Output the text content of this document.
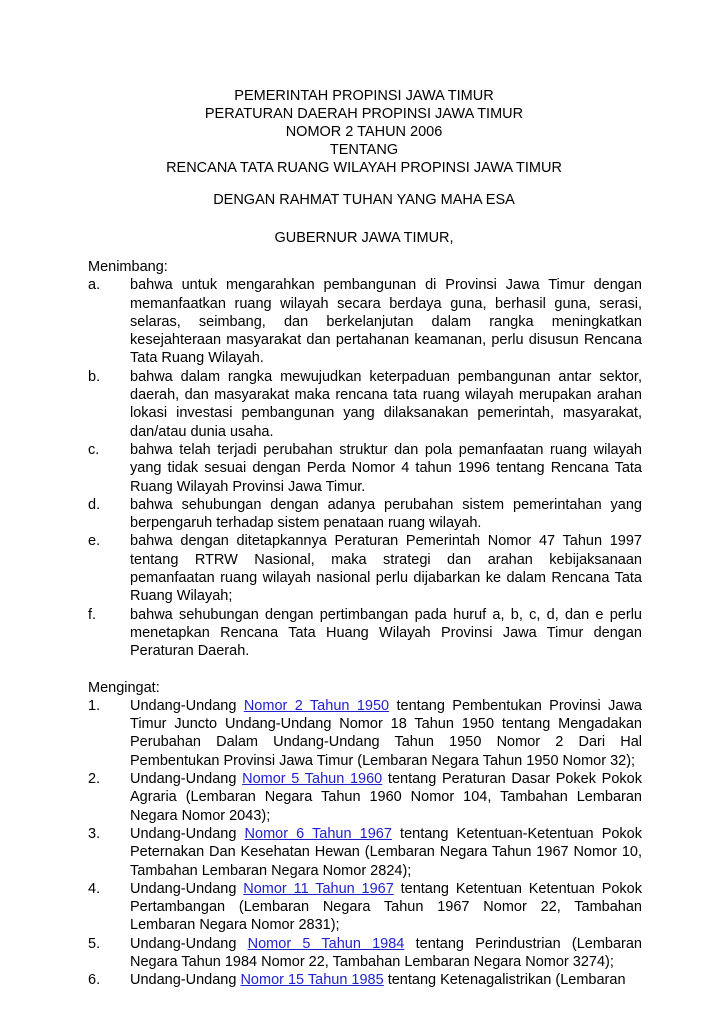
PEMERINTAH PROPINSI JAWA TIMUR
PERATURAN DAERAH PROPINSI JAWA TIMUR
NOMOR 2 TAHUN 2006
TENTANG
RENCANA TATA RUANG WILAYAH PROPINSI JAWA TIMUR
DENGAN RAHMAT TUHAN YANG MAHA ESA
GUBERNUR JAWA TIMUR,
Menimbang:
a.	bahwa untuk mengarahkan pembangunan di Provinsi Jawa Timur dengan memanfaatkan ruang wilayah secara berdaya guna, berhasil guna, serasi, selaras, seimbang, dan berkelanjutan dalam rangka meningkatkan kesejahteraan masyarakat dan pertahanan keamanan, perlu disusun Rencana Tata Ruang Wilayah.
b.	bahwa dalam rangka mewujudkan keterpaduan pembangunan antar sektor, daerah, dan masyarakat maka rencana tata ruang wilayah merupakan arahan lokasi investasi pembangunan yang dilaksanakan pemerintah, masyarakat, dan/atau dunia usaha.
c.	bahwa telah terjadi perubahan struktur dan pola pemanfaatan ruang wilayah yang tidak sesuai dengan Perda Nomor 4 tahun 1996 tentang Rencana Tata Ruang Wilayah Provinsi Jawa Timur.
d.	bahwa sehubungan dengan adanya perubahan sistem pemerintahan yang berpengaruh terhadap sistem penataan ruang wilayah.
e.	bahwa dengan ditetapkannya Peraturan Pemerintah Nomor 47 Tahun 1997 tentang RTRW Nasional, maka strategi dan arahan kebijaksanaan pemanfaatan ruang wilayah nasional perlu dijabarkan ke dalam Rencana Tata Ruang Wilayah;
f.	bahwa sehubungan dengan pertimbangan pada huruf a, b, c, d, dan e perlu menetapkan Rencana Tata Huang Wilayah Provinsi Jawa Timur dengan Peraturan Daerah.
Mengingat:
1.	Undang-Undang Nomor 2 Tahun 1950 tentang Pembentukan Provinsi Jawa Timur Juncto Undang-Undang Nomor 18 Tahun 1950 tentang Mengadakan Perubahan Dalam Undang-Undang Tahun 1950 Nomor 2 Dari Hal Pembentukan Provinsi Jawa Timur (Lembaran Negara Tahun 1950 Nomor 32);
2.	Undang-Undang Nomor 5 Tahun 1960 tentang Peraturan Dasar Pokek Pokok Agraria (Lembaran Negara Tahun 1960 Nomor 104, Tambahan Lembaran Negara Nomor 2043);
3.	Undang-Undang Nomor 6 Tahun 1967 tentang Ketentuan-Ketentuan Pokok Peternakan Dan Kesehatan Hewan (Lembaran Negara Tahun 1967 Nomor 10, Tambahan Lembaran Negara Nomor 2824);
4.	Undang-Undang Nomor 11 Tahun 1967 tentang Ketentuan Ketentuan Pokok Pertambangan (Lembaran Negara Tahun 1967 Nomor 22, Tambahan Lembaran Negara Nomor 2831);
5.	Undang-Undang Nomor 5 Tahun 1984 tentang Perindustrian (Lembaran Negara Tahun 1984 Nomor 22, Tambahan Lembaran Negara Nomor 3274);
6.	Undang-Undang Nomor 15 Tahun 1985 tentang Ketenagalistrikan (Lembaran
